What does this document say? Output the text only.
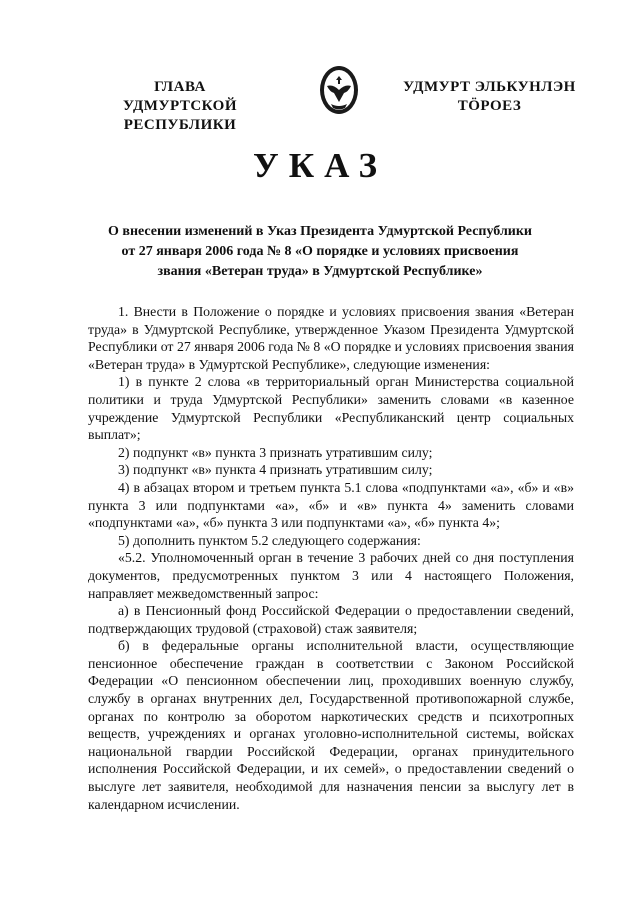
ГЛАВА
УДМУРТСКОЙ РЕСПУБЛИКИ
УДМУРТ ЭЛЬКУНЛЭН
ТӦРОЕЗ
УКАЗ
О внесении изменений в Указ Президента Удмуртской Республики
от 27 января 2006 года № 8 «О порядке и условиях присвоения
звания «Ветеран труда» в Удмуртской Республике»

1. Внести в Положение о порядке и условиях присвоения звания «Ветеран труда» в Удмуртской Республике, утвержденное Указом Президента Удмуртской Республики от 27 января 2006 года № 8 «О порядке и условиях присвоения звания «Ветеран труда» в Удмуртской Республике», следующие изменения:

1) в пункте 2 слова «в территориальный орган Министерства социальной политики и труда Удмуртской Республики» заменить словами «в казенное учреждение Удмуртской Республики «Республиканский центр социальных выплат»;

2) подпункт «в» пункта 3 признать утратившим силу;

3) подпункт «в» пункта 4 признать утратившим силу;

4) в абзацах втором и третьем пункта 5.1 слова «подпунктами «а», «б» и «в» пункта 3 или подпунктами «а», «б» и «в» пункта 4» заменить словами «подпунктами «а», «б» пункта 3 или подпунктами «а», «б» пункта 4»;

5) дополнить пунктом 5.2 следующего содержания:

«5.2. Уполномоченный орган в течение 3 рабочих дней со дня поступления документов, предусмотренных пунктом 3 или 4 настоящего Положения, направляет межведомственный запрос:

а) в Пенсионный фонд Российской Федерации о предоставлении сведений, подтверждающих трудовой (страховой) стаж заявителя;

б) в федеральные органы исполнительной власти, осуществляющие пенсионное обеспечение граждан в соответствии с Законом Российской Федерации «О пенсионном обеспечении лиц, проходивших военную службу, службу в органах внутренних дел, Государственной противопожарной службе, органах по контролю за оборотом наркотических средств и психотропных веществ, учреждениях и органах уголовно-исполнительной системы, войсках национальной гвардии Российской Федерации, органах принудительного исполнения Российской Федерации, и их семей», о предоставлении сведений о выслуге лет заявителя, необходимой для назначения пенсии за выслугу лет в календарном исчислении.
